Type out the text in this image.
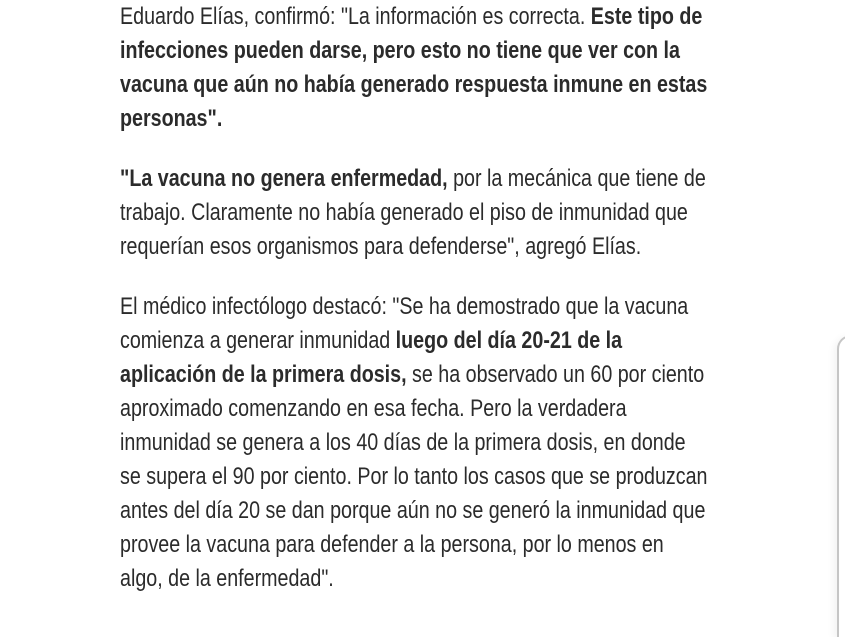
Eduardo Elías, confirmó: "La información es correcta. Este tipo de
infecciones pueden darse, pero esto no tiene que ver con la
vacuna que aún no había generado respuesta inmune en estas
personas".

"La vacuna no genera enfermedad, por la mecánica que tiene de
trabajo. Claramente no había generado el piso de inmunidad que
requerían esos organismos para defenderse", agregó Elías.

El médico infectólogo destacó: "Se ha demostrado que la vacuna
comienza a generar inmunidad luego del día 20-21 de la
aplicación de la primera dosis, se ha observado un 60 por ciento
aproximado comenzando en esa fecha. Pero la verdadera
inmunidad se genera a los 40 días de la primera dosis, en donde
se supera el 90 por ciento. Por lo tanto los casos que se produzcan
antes del día 20 se dan porque aún no se generó la inmunidad que
provee la vacuna para defender a la persona, por lo menos en
algo, de la enfermedad".
